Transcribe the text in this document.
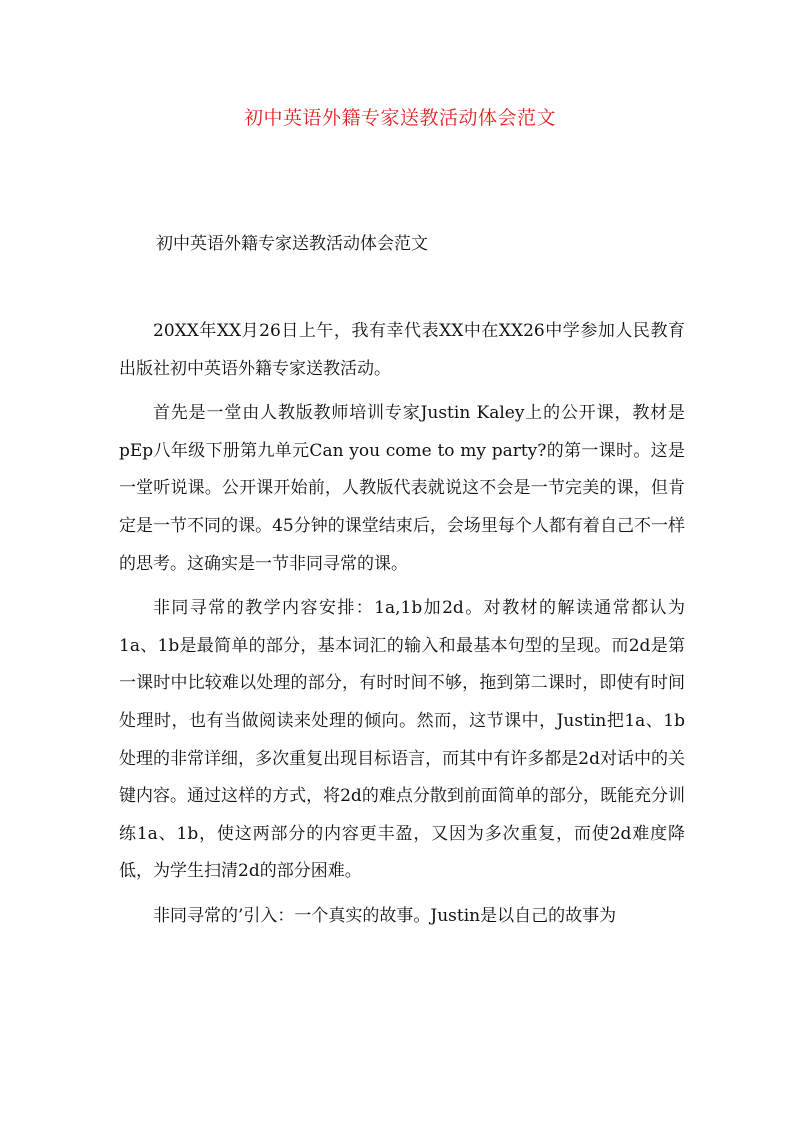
初中英语外籍专家送教活动体会范文
初中英语外籍专家送教活动体会范文

20XX年XX月26日上午，我有幸代表XX中在XX26中学参加人民教育出版社初中英语外籍专家送教活动。

首先是一堂由人教版教师培训专家Justin Kaley上的公开课，教材是pEp八年级下册第九单元Can you come to my party?的第一课时。这是一堂听说课。公开课开始前，人教版代表就说这不会是一节完美的课，但肯定是一节不同的课。45分钟的课堂结束后，会场里每个人都有着自己不一样的思考。这确实是一节非同寻常的课。

非同寻常的教学内容安排：1a,1b加2d。对教材的解读通常都认为1a、1b是最简单的部分，基本词汇的输入和最基本句型的呈现。而2d是第一课时中比较难以处理的部分，有时时间不够，拖到第二课时，即使有时间处理时，也有当做阅读来处理的倾向。然而，这节课中，Justin把1a、1b处理的非常详细，多次重复出现目标语言，而其中有许多都是2d对话中的关键内容。通过这样的方式，将2d的难点分散到前面简单的部分，既能充分训练1a、1b，使这两部分的内容更丰盈，又因为多次重复，而使2d难度降低，为学生扫清2d的部分困难。

非同寻常的’引入：一个真实的故事。Justin是以自己的故事为
